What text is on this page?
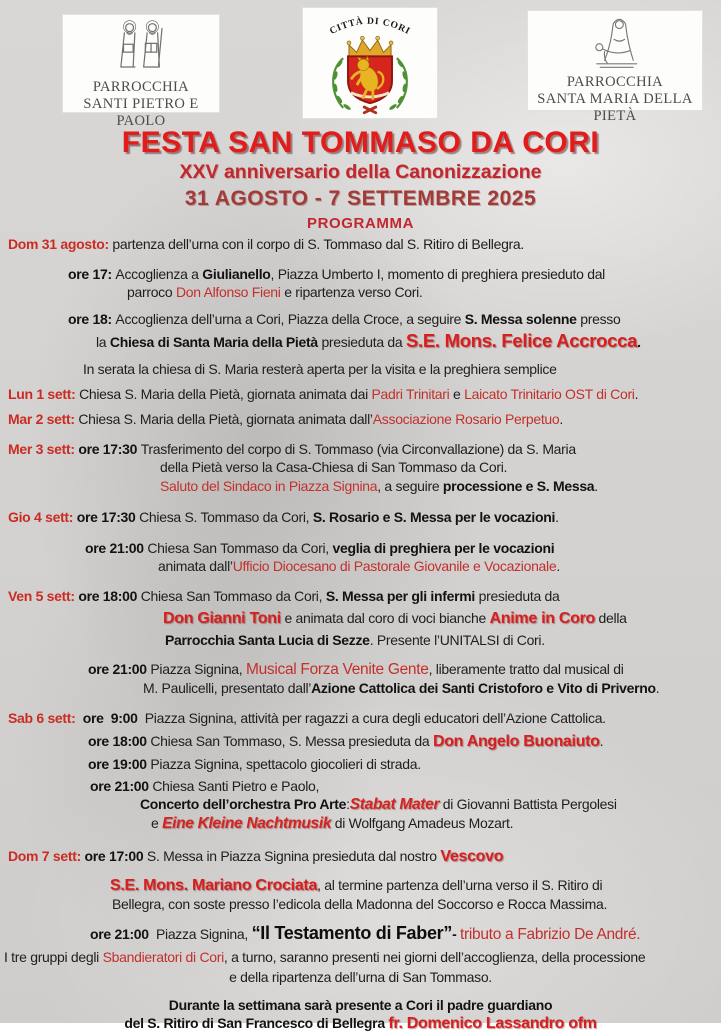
PARROCCHIA
SANTI PIETRO E PAOLO
CITTÀ DI CORI
PARROCCHIA
SANTA MARIA DELLA PIETÀ
FESTA SAN TOMMASO DA CORI
XXV anniversario della Canonizzazione
31 AGOSTO - 7 SETTEMBRE 2025
PROGRAMMA
Dom 31 agosto: partenza dell’urna con il corpo di S. Tommaso dal S. Ritiro di Bellegra.
ore 17: Accoglienza a Giulianello, Piazza Umberto I, momento di preghiera presieduto dal
parroco Don Alfonso Fieni e ripartenza verso Cori.
ore 18: Accoglienza dell’urna a Cori, Piazza della Croce, a seguire S. Messa solenne presso
la Chiesa di Santa Maria della Pietà presieduta da S.E. Mons. Felice Accrocca.
In serata la chiesa di S. Maria resterà aperta per la visita e la preghiera semplice
Lun 1 sett: Chiesa S. Maria della Pietà, giornata animata dai Padri Trinitari e Laicato Trinitario OST di Cori.
Mar 2 sett: Chiesa S. Maria della Pietà, giornata animata dall’Associazione Rosario Perpetuo.
Mer 3 sett: ore 17:30 Trasferimento del corpo di S. Tommaso (via Circonvallazione) da S. Maria
della Pietà verso la Casa-Chiesa di San Tommaso da Cori.
Saluto del Sindaco in Piazza Signina, a seguire processione e S. Messa.
Gio 4 sett: ore 17:30 Chiesa S. Tommaso da Cori, S. Rosario e S. Messa per le vocazioni.
ore 21:00 Chiesa San Tommaso da Cori, veglia di preghiera per le vocazioni
animata dall’Ufficio Diocesano di Pastorale Giovanile e Vocazionale.
Ven 5 sett: ore 18:00 Chiesa San Tommaso da Cori, S. Messa per gli infermi presieduta da
Don Gianni Toni e animata dal coro di voci bianche Anime in Coro della
Parrocchia Santa Lucia di Sezze. Presente l’UNITALSI di Cori.
ore 21:00 Piazza Signina, Musical Forza Venite Gente, liberamente tratto dal musical di
M. Paulicelli, presentato dall’Azione Cattolica dei Santi Cristoforo e Vito di Priverno.
Sab 6 sett:  ore  9:00  Piazza Signina, attività per ragazzi a cura degli educatori dell’Azione Cattolica.
ore 18:00 Chiesa San Tommaso, S. Messa presieduta da Don Angelo Buonaiuto.
ore 19:00 Piazza Signina, spettacolo giocolieri di strada.
ore 21:00 Chiesa Santi Pietro e Paolo,
Concerto dell’orchestra Pro Arte:Stabat Mater di Giovanni Battista Pergolesi
e Eine Kleine Nachtmusik di Wolfgang Amadeus Mozart.
Dom 7 sett: ore 17:00 S. Messa in Piazza Signina presieduta dal nostro Vescovo
S.E. Mons. Mariano Crociata, al termine partenza dell’urna verso il S. Ritiro di
Bellegra, con soste presso l’edicola della Madonna del Soccorso e Rocca Massima.
ore 21:00  Piazza Signina, “Il Testamento di Faber”- tributo a Fabrizio De André.
I tre gruppi degli Sbandieratori di Cori, a turno, saranno presenti nei giorni dell’accoglienza, della processione
e della ripartenza dell’urna di San Tommaso.
Durante la settimana sarà presente a Cori il padre guardiano
del S. Ritiro di San Francesco di Bellegra fr. Domenico Lassandro ofm
